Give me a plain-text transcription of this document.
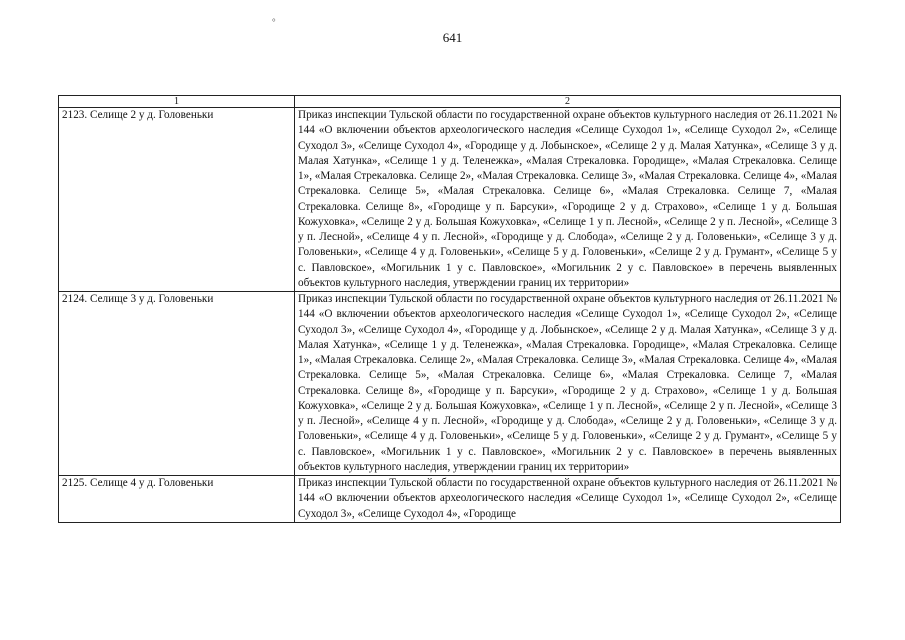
°
641
1	2
2123. Селище 2 у д. Головеньки	Приказ инспекции Тульской области по государственной охране объектов культурного наследия от 26.11.2021 № 144 «О включении объектов археологического наследия «Селище Суходол 1», «Селище Суходол 2», «Селище Суходол 3», «Селище Суходол 4», «Городище у д. Лобынское», «Селище 2 у д. Малая Хатунка», «Селище 3 у д. Малая Хатунка», «Селище 1 у д. Теленежка», «Малая Стрекаловка. Городище», «Малая Стрекаловка. Селище 1», «Малая Стрекаловка. Селище 2», «Малая Стрекаловка. Селище 3», «Малая Стрекаловка. Селище 4», «Малая Стрекаловка. Селище 5», «Малая Стрекаловка. Селище 6», «Малая Стрекаловка. Селище 7, «Малая Стрекаловка. Селище 8», «Городище у п. Барсуки», «Городище 2 у д. Страхово», «Селище 1 у д. Большая Кожуховка», «Селище 2 у д. Большая Кожуховка», «Селище 1 у п. Лесной», «Селище 2 у п. Лесной», «Селище 3 у п. Лесной», «Селище 4 у п. Лесной», «Городище у д. Слобода», «Селище 2 у д. Головеньки», «Селище 3 у д. Головеньки», «Селище 4 у д. Головеньки», «Селище 5 у д. Головеньки», «Селище 2 у д. Грумант», «Селище 5 у с. Павловское», «Могильник 1 у с. Павловское», «Могильник 2 у с. Павловское» в перечень выявленных объектов культурного наследия, утверждении границ их территории»
2124. Селище 3 у д. Головеньки	Приказ инспекции Тульской области по государственной охране объектов культурного наследия от 26.11.2021 № 144 «О включении объектов археологического наследия «Селище Суходол 1», «Селище Суходол 2», «Селище Суходол 3», «Селище Суходол 4», «Городище у д. Лобынское», «Селище 2 у д. Малая Хатунка», «Селище 3 у д. Малая Хатунка», «Селище 1 у д. Теленежка», «Малая Стрекаловка. Городище», «Малая Стрекаловка. Селище 1», «Малая Стрекаловка. Селище 2», «Малая Стрекаловка. Селище 3», «Малая Стрекаловка. Селище 4», «Малая Стрекаловка. Селище 5», «Малая Стрекаловка. Селище 6», «Малая Стрекаловка. Селище 7, «Малая Стрекаловка. Селище 8», «Городище у п. Барсуки», «Городище 2 у д. Страхово», «Селище 1 у д. Большая Кожуховка», «Селище 2 у д. Большая Кожуховка», «Селище 1 у п. Лесной», «Селище 2 у п. Лесной», «Селище 3 у п. Лесной», «Селище 4 у п. Лесной», «Городище у д. Слобода», «Селище 2 у д. Головеньки», «Селище 3 у д. Головеньки», «Селище 4 у д. Головеньки», «Селище 5 у д. Головеньки», «Селище 2 у д. Грумант», «Селище 5 у с. Павловское», «Могильник 1 у с. Павловское», «Могильник 2 у с. Павловское» в перечень выявленных объектов культурного наследия, утверждении границ их территории»
2125. Селище 4 у д. Головеньки	Приказ инспекции Тульской области по государственной охране объектов культурного наследия от 26.11.2021 № 144 «О включении объектов археологического наследия «Селище Суходол 1», «Селище Суходол 2», «Селище Суходол 3», «Селище Суходол 4», «Городище
